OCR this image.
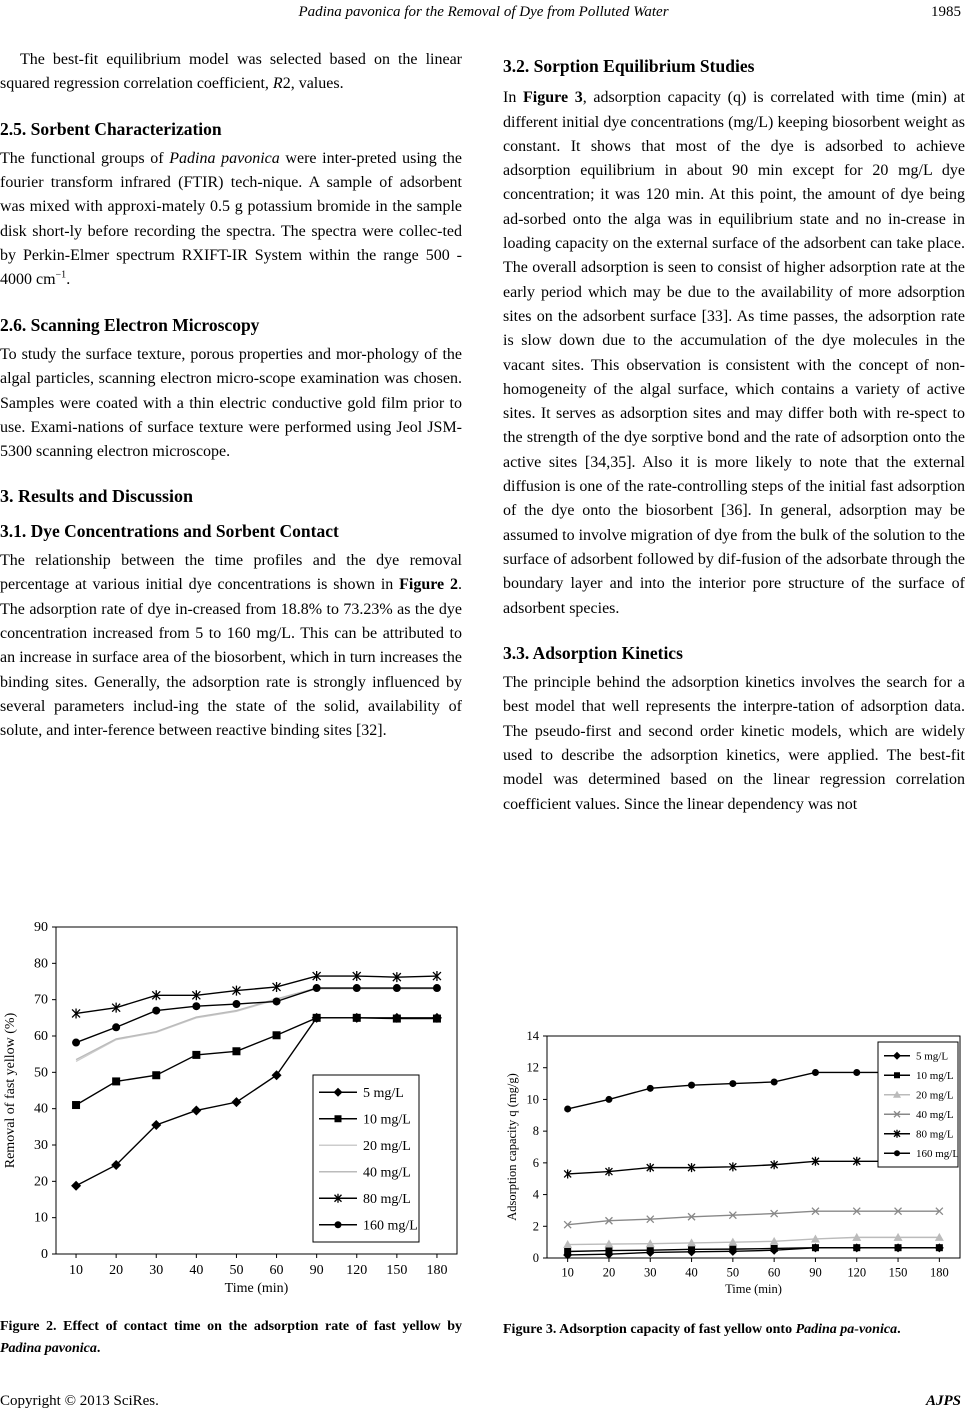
Padina pavonica for the Removal of Dye from Polluted Water	1985

The best-fit equilibrium model was selected based on the linear squared regression correlation coefficient, R2, values.

2.5. Sorbent Characterization

The functional groups of Padina pavonica were inter-preted using the fourier transform infrared (FTIR) tech-nique. A sample of adsorbent was mixed with approxi-mately 0.5 g potassium bromide in the sample disk short-ly before recording the spectra. The spectra were collec-ted by Perkin-Elmer spectrum RXIFT-IR System within the range 500 - 4000 $cm^{-1}$.

2.6. Scanning Electron Microscopy

To study the surface texture, porous properties and mor-phology of the algal particles, scanning electron micro-scope examination was chosen. Samples were coated with a thin electric conductive gold film prior to use. Exami-nations of surface texture were performed using Jeol JSM-5300 scanning electron microscope.

3. Results and Discussion

3.1. Dye Concentrations and Sorbent Contact

The relationship between the time profiles and the dye removal percentage at various initial dye concentrations is shown in Figure 2. The adsorption rate of dye in-creased from 18.8% to 73.23% as the dye concentration increased from 5 to 160 mg/L. This can be attributed to an increase in surface area of the biosorbent, which in turn increases the binding sites. Generally, the adsorption rate is strongly influenced by several parameters includ-ing the state of the solid, availability of solute, and inter-ference between reactive binding sites [32].

3.2. Sorption Equilibrium Studies

In Figure 3, adsorption capacity (q) is correlated with time (min) at different initial dye concentrations (mg/L) keeping biosorbent weight as constant. It shows that most of the dye is adsorbed to achieve adsorption equilibrium in about 90 min except for 20 mg/L dye concentration; it was 120 min. At this point, the amount of dye being ad-sorbed onto the alga was in equilibrium state and no in-crease in loading capacity on the external surface of the adsorbent can take place. The overall adsorption is seen to consist of higher adsorption rate at the early period which may be due to the availability of more adsorption sites on the adsorbent surface [33]. As time passes, the adsorption rate is slow down due to the accumulation of the dye molecules in the vacant sites. This observation is consistent with the concept of non-homogeneity of the algal surface, which contains a variety of active sites. It serves as adsorption sites and may differ both with re-spect to the strength of the dye sorptive bond and the rate of adsorption onto the active sites [34,35]. Also it is more likely to note that the external diffusion is one of the rate-controlling steps of the initial fast adsorption of the dye onto the biosorbent [36]. In general, adsorption may be assumed to involve migration of dye from the bulk of the solution to the surface of adsorbent followed by dif-fusion of the adsorbate through the boundary layer and into the interior pore structure of the surface of adsorbent species.

3.3. Adsorption Kinetics

The principle behind the adsorption kinetics involves the search for a best model that well represents the interpre-tation of adsorption data. The pseudo-first and second order kinetic models, which are widely used to describe the adsorption kinetics, were applied. The best-fit model was determined based on the linear regression correlation coefficient values. Since the linear dependency was not

0
10
20
30
40
50
60
70
80
90
10 20 30 40 50 60 90 120 150 180
Time (min)
Removal of fast yellow (%)	5 mg/L
10 mg/L
20 mg/L
40 mg/L
80 mg/L
160 mg/L
Figure 2. Effect of contact time on the adsorption rate of fast yellow by Padina pavonica.
0
2
4
6
8
10
12
14
10 20 30 40 50 60 90 120 150 180
Time (min)
Adsorption capacity q (mg/g)
5 mg/L
10 mg/L
20 mg/L
40 mg/L
80 mg/L
160 mg/L
Figure 3. Adsorption capacity of fast yellow onto Padina pa-vonica.
Copyright © 2013 SciRes.	AJPS
